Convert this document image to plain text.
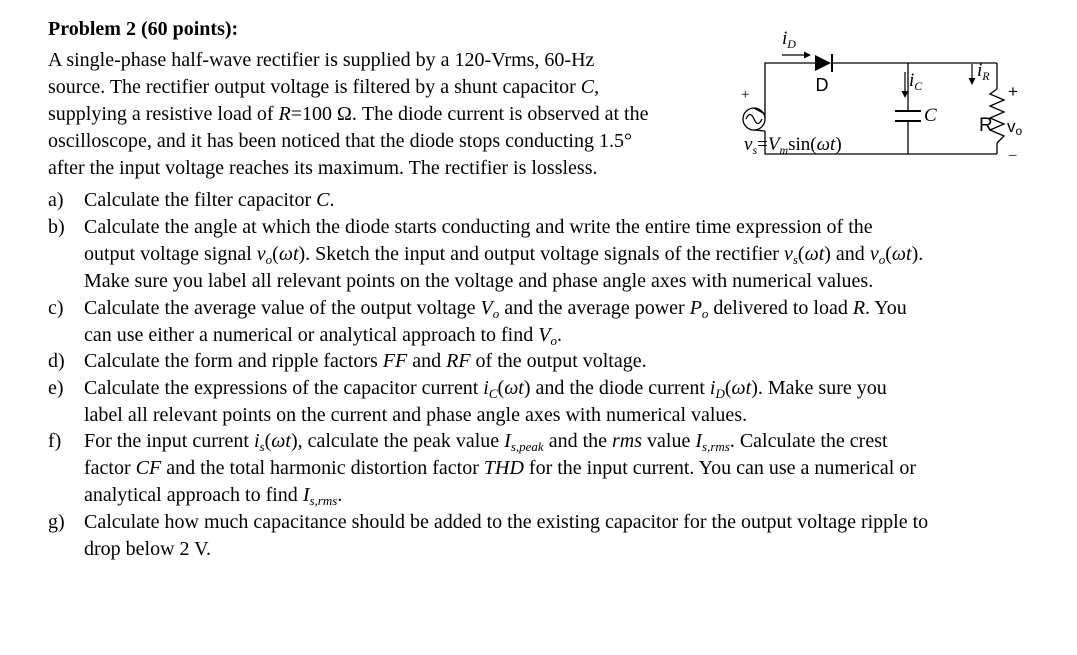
Problem 2 (60 points):
A single-phase half-wave rectifier is supplied by a 120-Vrms, 60-Hz
source. The rectifier output voltage is filtered by a shunt capacitor C,
supplying a resistive load of R=100 Ω. The diode current is observed at the
oscilloscope, and it has been noticed that the diode stops conducting 1.5°
after the input voltage reaches its maximum. The rectifier is lossless.
a)	Calculate the filter capacitor C.
b) Calculate the angle at which the diode starts conducting and write the entire time expression of the
output voltage signal $v_o(\omega t)$. Sketch the input and output voltage signals of the rectifier $v_s(\omega t)$ and $v_o(\omega t)$.
Make sure you label all relevant points on the voltage and phase angle axes with numerical values.
c)	Calculate the average value of the output voltage $V_o$ and the average power $P_o$ delivered to load R. You
can use either a numerical or analytical approach to find $V_o$.
d) Calculate the form and ripple factors FF and RF of the output voltage.
e)	Calculate the expressions of the capacitor current $i_C(\omega t)$ and the diode current $i_D(\omega t)$. Make sure you
label all relevant points on the current and phase angle axes with numerical values.
f)	For the input current $i_s(\omega t)$, calculate the peak value $I_{s,peak}$ and the rms value $I_{s,rms}$. Calculate the crest
factor CF and the total harmonic distortion factor THD for the input current. You can use a numerical or
analytical approach to find $I_{s,rms}$.
g) Calculate how much capacitance should be added to the existing capacitor for the output voltage ripple to
drop below 2 V.
D
$i_D$
+
$v_s=V_m\sin(\omega t)$
C
$i_C$
R
$i_R$
+
vo
–
